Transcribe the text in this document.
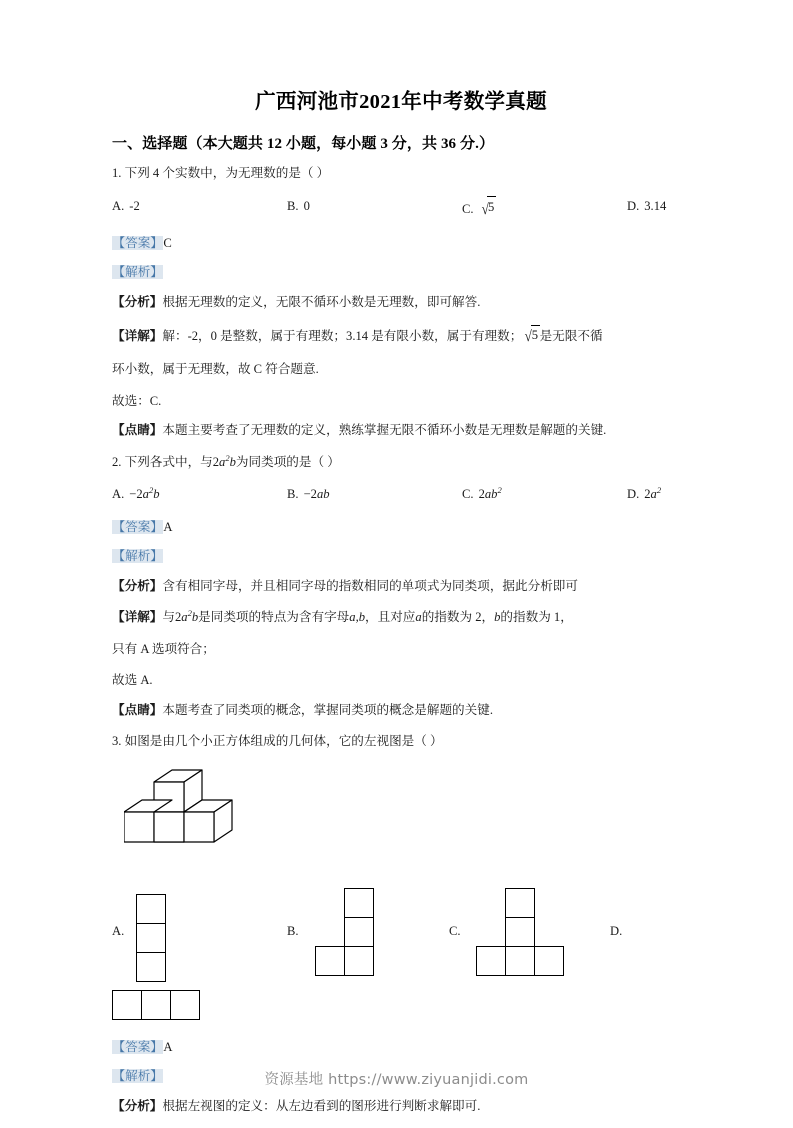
广西河池市2021年中考数学真题
一、选择题（本大题共 12 小题，每小题 3 分，共 36 分.）
1. 下列 4 个实数中，为无理数的是（ ）
A. -2	B. 0	C. √5	D. 3.14
【答案】C
【解析】
【分析】根据无理数的定义，无限不循环小数是无理数，即可解答.
【详解】解：-2，0 是整数，属于有理数；3.14 是有限小数，属于有理数； √5 是无限不循
环小数，属于无理数，故 C 符合题意.
故选：C.
【点睛】本题主要考查了无理数的定义，熟练掌握无限不循环小数是无理数是解题的关键.
2. 下列各式中，与$2a^2b$为同类项的是（ ）
A. $-2a^2b$	B. −2ab	C. $2ab^2$	D. $2a^2$
【答案】A
【解析】
【分析】含有相同字母，并且相同字母的指数相同的单项式为同类项，据此分析即可
【详解】与$2a^2b$是同类项的特点为含有字母a,b，且对应a的指数为 2，b的指数为 1，
只有 A 选项符合；
故选 A.
【点睛】本题考查了同类项的概念，掌握同类项的概念是解题的关键.
3. 如图是由几个小正方体组成的几何体，它的左视图是（ ）
A.	B.	C.	D.
【答案】A
【解析】
【分析】根据左视图的定义：从左边看到的图形进行判断求解即可.
资源基地 https://www.ziyuanjidi.com
